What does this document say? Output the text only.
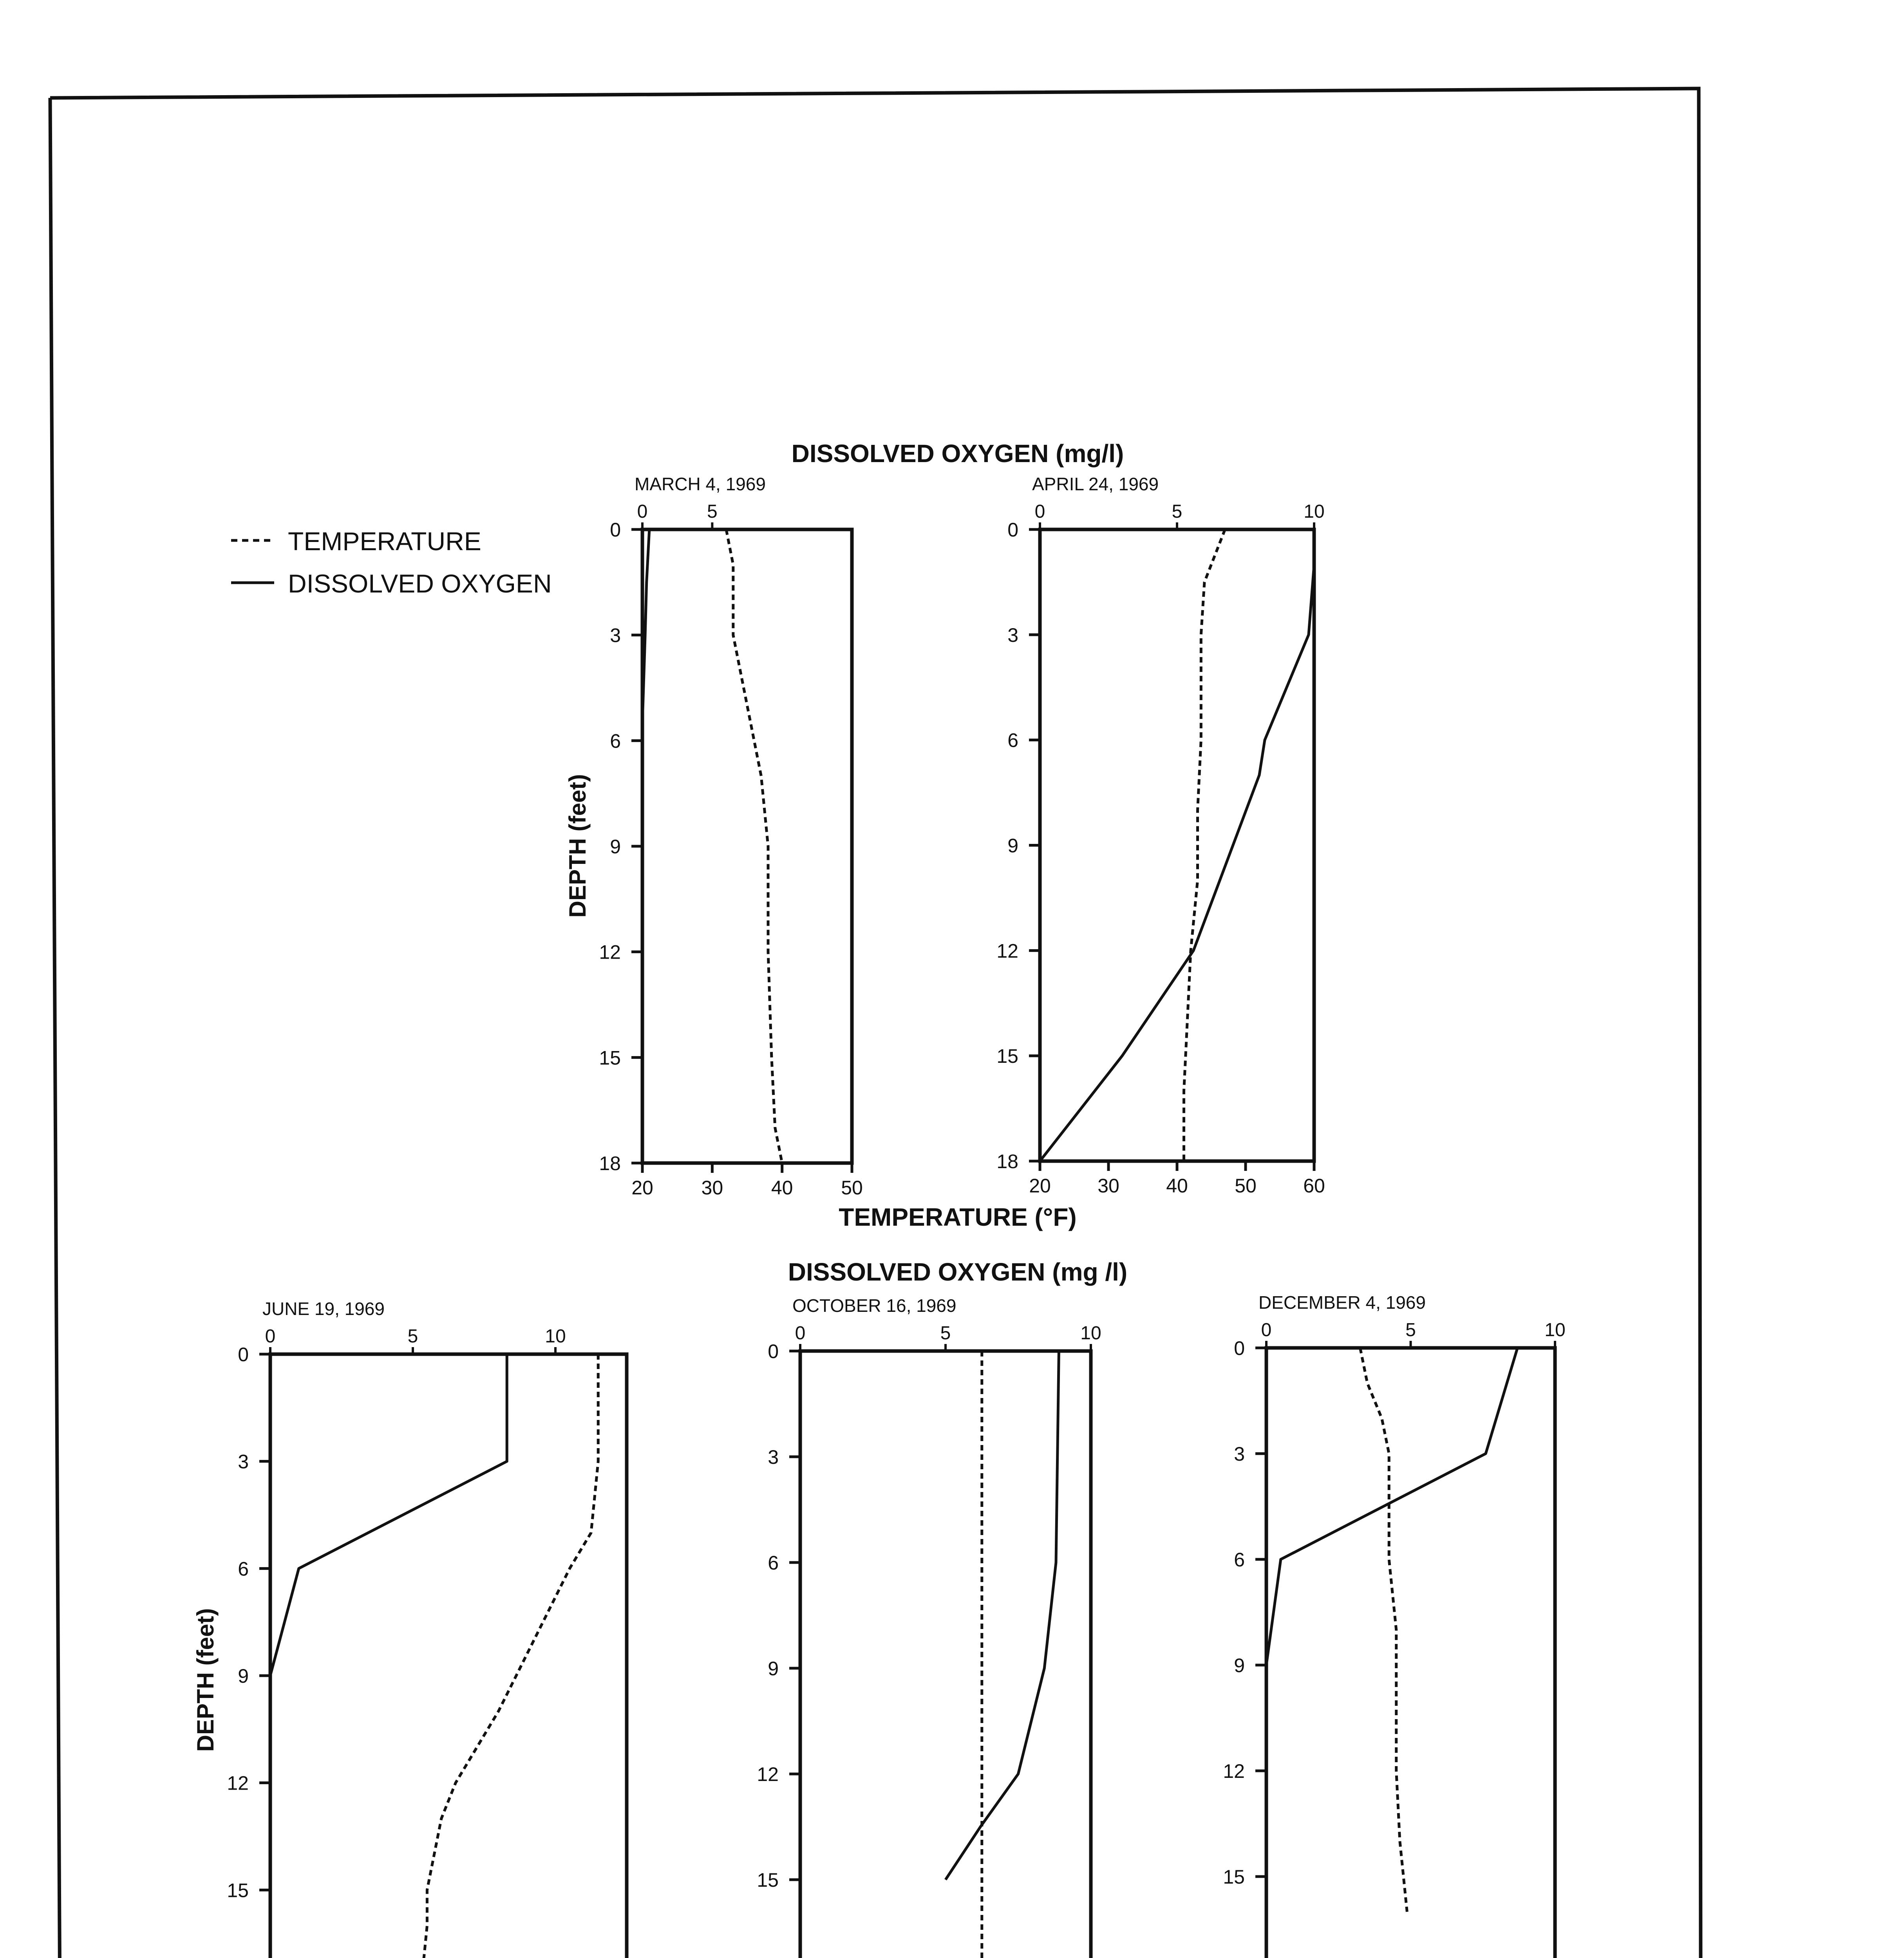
TEMPERATURE
DISSOLVED OXYGEN
DISSOLVED OXYGEN (mg/l)
TEMPERATURE (°F)
DEPTH (feet)
DISSOLVED OXYGEN (mg /l)
DEPTH (feet)
MARCH 4, 1969
0
3
6
9
12
15
18
20 30 40 50
0	5
APRIL 24, 1969
0
3
6
9
12
15
18
20 30 40 50 60
0	5	10
JUNE 19, 1969
0
3
6
9
12
15
0	5	10
OCTOBER 16, 1969
0
3
6
9
12
15
0	5	10
DECEMBER 4, 1969
0
3
6
9
12
15
0	5	10
